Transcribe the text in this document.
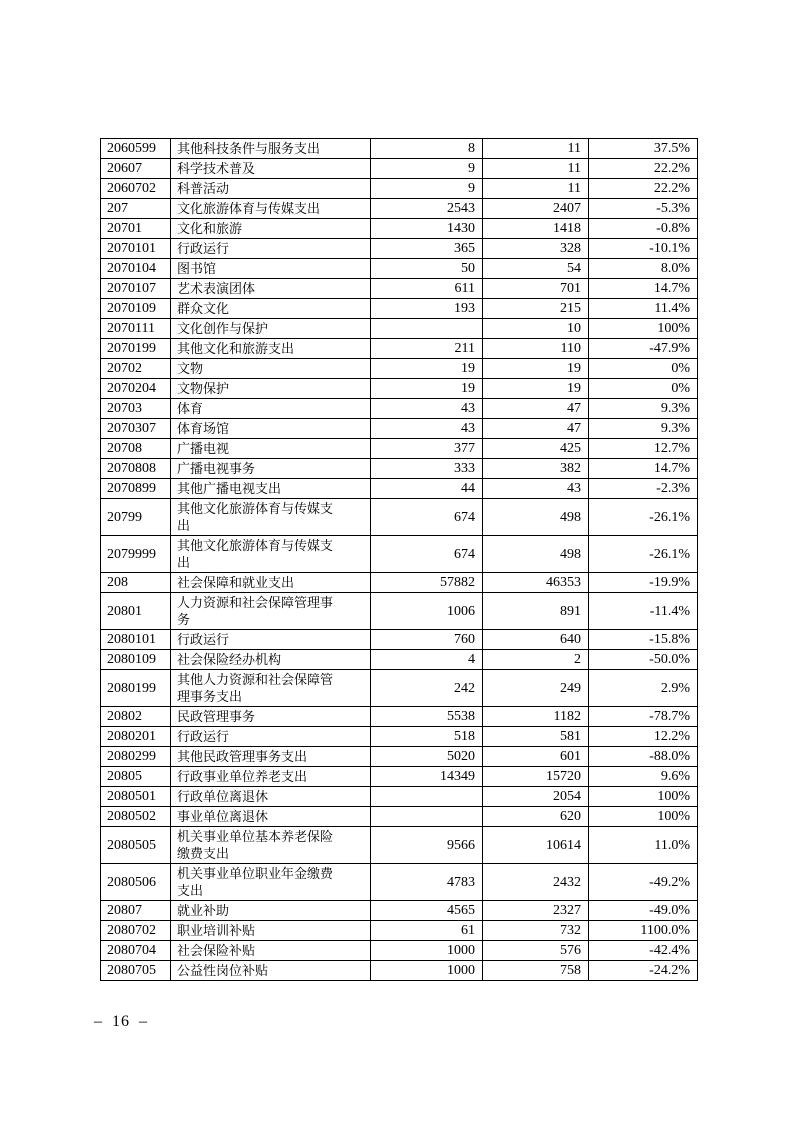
2060599	其他科技条件与服务支出	8	11	37.5%
20607	科学技术普及	9	11	22.2%
2060702	科普活动	9	11	22.2%
207	文化旅游体育与传媒支出	2543	2407	-5.3%
20701	文化和旅游	1430	1418	-0.8%
2070101	行政运行	365	328	-10.1%
2070104	图书馆	50	54	8.0%
2070107	艺术表演团体	611	701	14.7%
2070109	群众文化	193	215	11.4%
2070111	文化创作与保护		10	100%
2070199	其他文化和旅游支出	211	110	-47.9%
20702	文物	19	19	0%
2070204	文物保护	19	19	0%
20703	体育	43	47	9.3%
2070307	体育场馆	43	47	9.3%
20708	广播电视	377	425	12.7%
2070808	广播电视事务	333	382	14.7%
2070899	其他广播电视支出	44	43	-2.3%
20799	其他文化旅游体育与传媒支出	674	498	-26.1%
2079999	其他文化旅游体育与传媒支出	674	498	-26.1%
208	社会保障和就业支出	57882	46353	-19.9%
20801	人力资源和社会保障管理事务	1006	891	-11.4%
2080101	行政运行	760	640	-15.8%
2080109	社会保险经办机构	4	2	-50.0%
2080199	其他人力资源和社会保障管理事务支出	242	249	2.9%
20802	民政管理事务	5538	1182	-78.7%
2080201	行政运行	518	581	12.2%
2080299	其他民政管理事务支出	5020	601	-88.0%
20805	行政事业单位养老支出	14349	15720	9.6%
2080501	行政单位离退休		2054	100%
2080502	事业单位离退休		620	100%
2080505	机关事业单位基本养老保险缴费支出	9566	10614	11.0%
2080506	机关事业单位职业年金缴费支出	4783	2432	-49.2%
20807	就业补助	4565	2327	-49.0%
2080702	职业培训补贴	61	732	1100.0%
2080704	社会保险补贴	1000	576	-42.4%
2080705	公益性岗位补贴	1000	758	-24.2%
– 16 –
